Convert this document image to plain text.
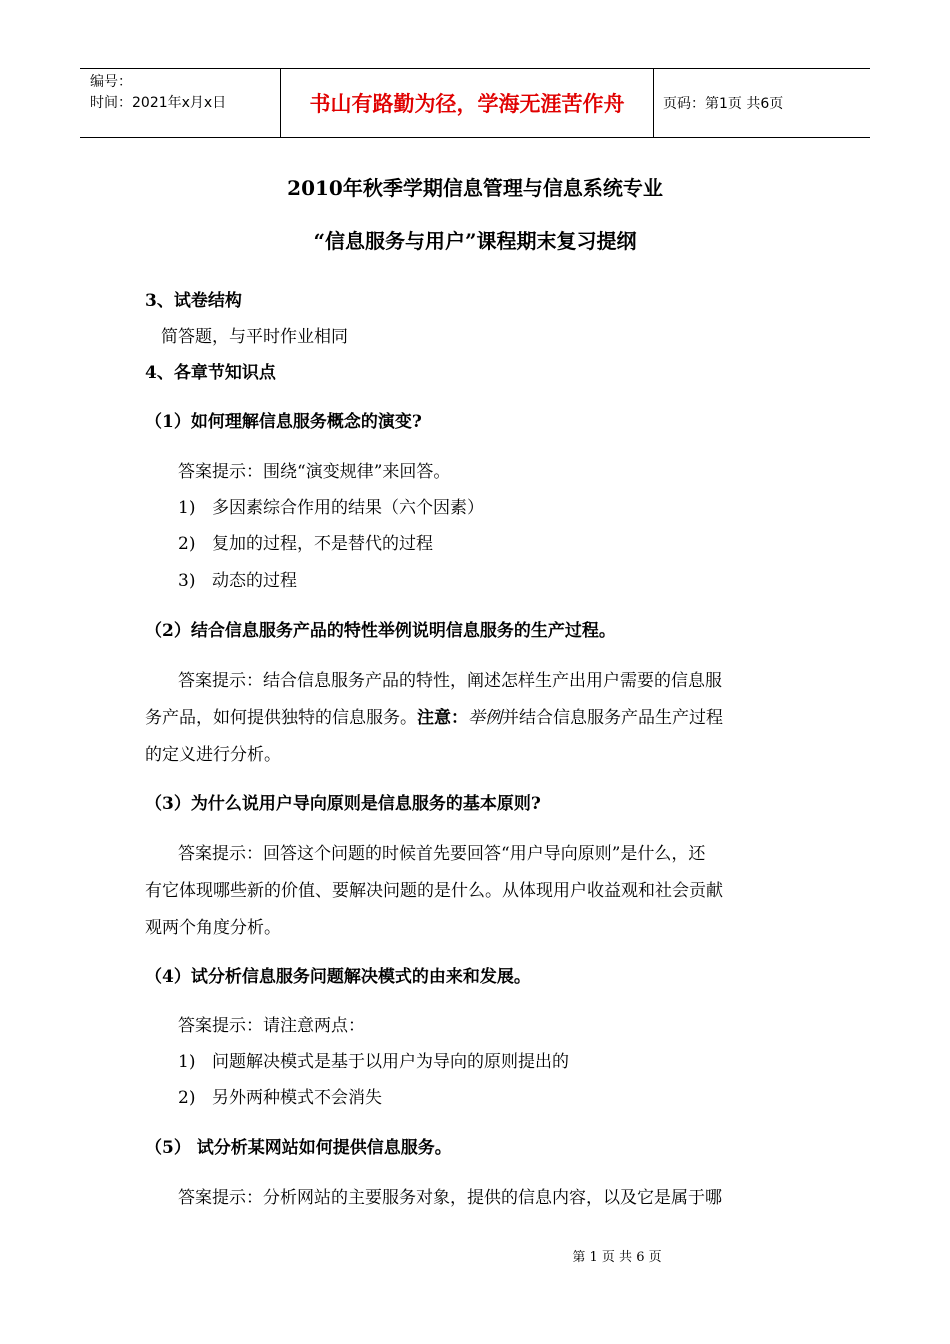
编号：
时间：2021年x月x日	书山有路勤为径，学海无涯苦作舟	页码：第1页 共6页
2010年秋季学期信息管理与信息系统专业
“信息服务与用户”课程期末复习提纲
3、试卷结构
简答题，与平时作业相同
4、各章节知识点
（1）如何理解信息服务概念的演变?
答案提示：围绕“演变规律”来回答。
1) 多因素综合作用的结果（六个因素）
2) 复加的过程，不是替代的过程
3) 动态的过程
（2）结合信息服务产品的特性举例说明信息服务的生产过程。
答案提示：结合信息服务产品的特性，阐述怎样生产出用户需要的信息服
务产品，如何提供独特的信息服务。注意：举例并结合信息服务产品生产过程
的定义进行分析。
（3）为什么说用户导向原则是信息服务的基本原则?
答案提示：回答这个问题的时候首先要回答“用户导向原则”是什么，还
有它体现哪些新的价值、要解决问题的是什么。从体现用户收益观和社会贡献
观两个角度分析。
（4）试分析信息服务问题解决模式的由来和发展。
答案提示：请注意两点：
1) 问题解决模式是基于以用户为导向的原则提出的
2) 另外两种模式不会消失
（5） 试分析某网站如何提供信息服务。
答案提示：分析网站的主要服务对象，提供的信息内容，以及它是属于哪
第 1 页 共 6 页
